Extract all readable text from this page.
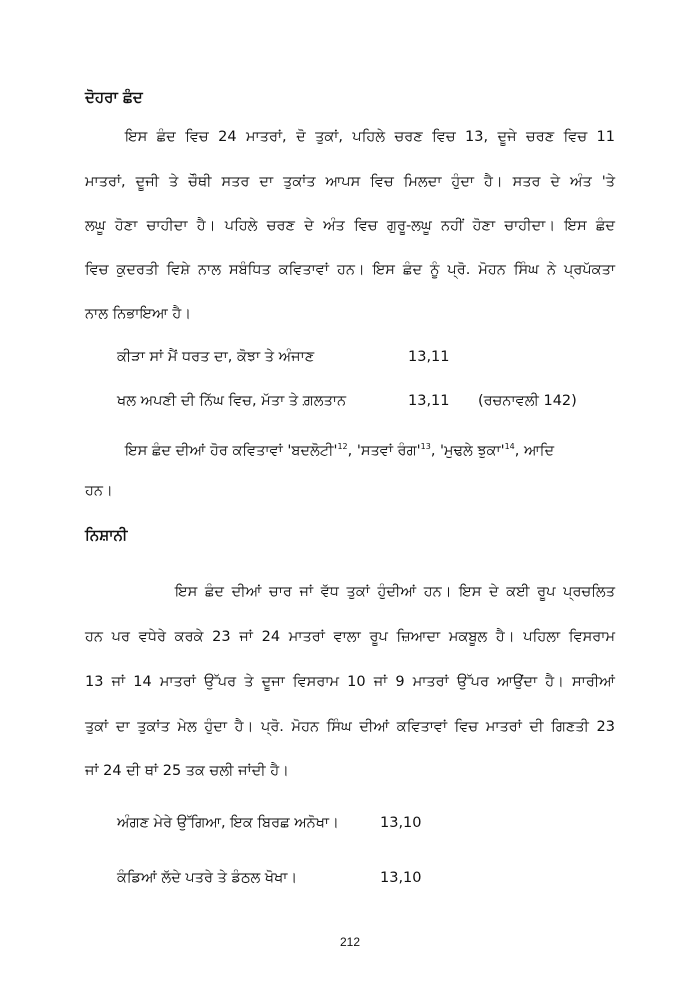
ਦੋਹਰਾ ਛੰਦ
ਇਸ ਛੰਦ ਵਿਚ 24 ਮਾਤਰਾਂ, ਦੋ ਤੁਕਾਂ, ਪਹਿਲੇ ਚਰਣ ਵਿਚ 13, ਦੂਜੇ ਚਰਣ ਵਿਚ 11
ਮਾਤਰਾਂ, ਦੂਜੀ ਤੇ ਚੌਥੀ ਸਤਰ ਦਾ ਤੁਕਾਂਤ ਆਪਸ ਵਿਚ ਮਿਲਦਾ ਹੁੰਦਾ ਹੈ। ਸਤਰ ਦੇ ਅੰਤ 'ਤੇ
ਲਘੂ ਹੋਣਾ ਚਾਹੀਦਾ ਹੈ। ਪਹਿਲੇ ਚਰਣ ਦੇ ਅੰਤ ਵਿਚ ਗੁਰੂ-ਲਘੂ ਨਹੀਂ ਹੋਣਾ ਚਾਹੀਦਾ। ਇਸ ਛੰਦ
ਵਿਚ ਕੁਦਰਤੀ ਵਿਸ਼ੇ ਨਾਲ ਸਬੰਧਿਤ ਕਵਿਤਾਵਾਂ ਹਨ। ਇਸ ਛੰਦ ਨੂੰ ਪ੍ਰੋ. ਮੋਹਨ ਸਿੰਘ ਨੇ ਪ੍ਰਪੱਕਤਾ
ਨਾਲ ਨਿਭਾਇਆ ਹੈ।
ਕੀੜਾ ਸਾਂ ਮੈਂ ਧਰਤ ਦਾ, ਕੋਝਾ ਤੇ ਅੰਜਾਣ	13,11
ਖਲ ਅਪਣੀ ਦੀ ਨਿੱਘ ਵਿਚ, ਮੱਤਾ ਤੇ ਗ਼ਲਤਾਨ	13,11 (ਰਚਨਾਵਲੀ 142)
ਇਸ ਛੰਦ ਦੀਆਂ ਹੋਰ ਕਵਿਤਾਵਾਂ '$ਬਦਲੋਟੀ'^{12}$, 'ਸਤਵਾਂ $ਰੰਗ'^{13}$, 'ਮੁਢਲੇ $ਝੁਕਾ'^{14}$, ਆਦਿ
ਹਨ।
ਨਿਸ਼ਾਨੀ
ਇਸ ਛੰਦ ਦੀਆਂ ਚਾਰ ਜਾਂ ਵੱਧ ਤੁਕਾਂ ਹੁੰਦੀਆਂ ਹਨ। ਇਸ ਦੇ ਕਈ ਰੂਪ ਪ੍ਰਚਲਿਤ
ਹਨ ਪਰ ਵਧੇਰੇ ਕਰਕੇ 23 ਜਾਂ 24 ਮਾਤਰਾਂ ਵਾਲਾ ਰੂਪ ਜ਼ਿਆਦਾ ਮਕਬੂਲ ਹੈ। ਪਹਿਲਾ ਵਿਸਰਾਮ
13 ਜਾਂ 14 ਮਾਤਰਾਂ ਉੱਪਰ ਤੇ ਦੂਜਾ ਵਿਸਰਾਮ 10 ਜਾਂ 9 ਮਾਤਰਾਂ ਉੱਪਰ ਆਉਂਦਾ ਹੈ। ਸਾਰੀਆਂ
ਤੁਕਾਂ ਦਾ ਤੁਕਾਂਤ ਮੇਲ ਹੁੰਦਾ ਹੈ। ਪ੍ਰੋ. ਮੋਹਨ ਸਿੰਘ ਦੀਆਂ ਕਵਿਤਾਵਾਂ ਵਿਚ ਮਾਤਰਾਂ ਦੀ ਗਿਣਤੀ 23
ਜਾਂ 24 ਦੀ ਥਾਂ 25 ਤਕ ਚਲੀ ਜਾਂਦੀ ਹੈ।
ਅੰਗਣ ਮੇਰੇ ਉੱਗਿਆ, ਇਕ ਬਿਰਛ ਅਨੋਖਾ।	13,10
ਕੰਡਿਆਂ ਲੱਦੇ ਪਤਰੇ ਤੇ ਡੰਠਲ ਖੋਖਾ।	13,10
212
